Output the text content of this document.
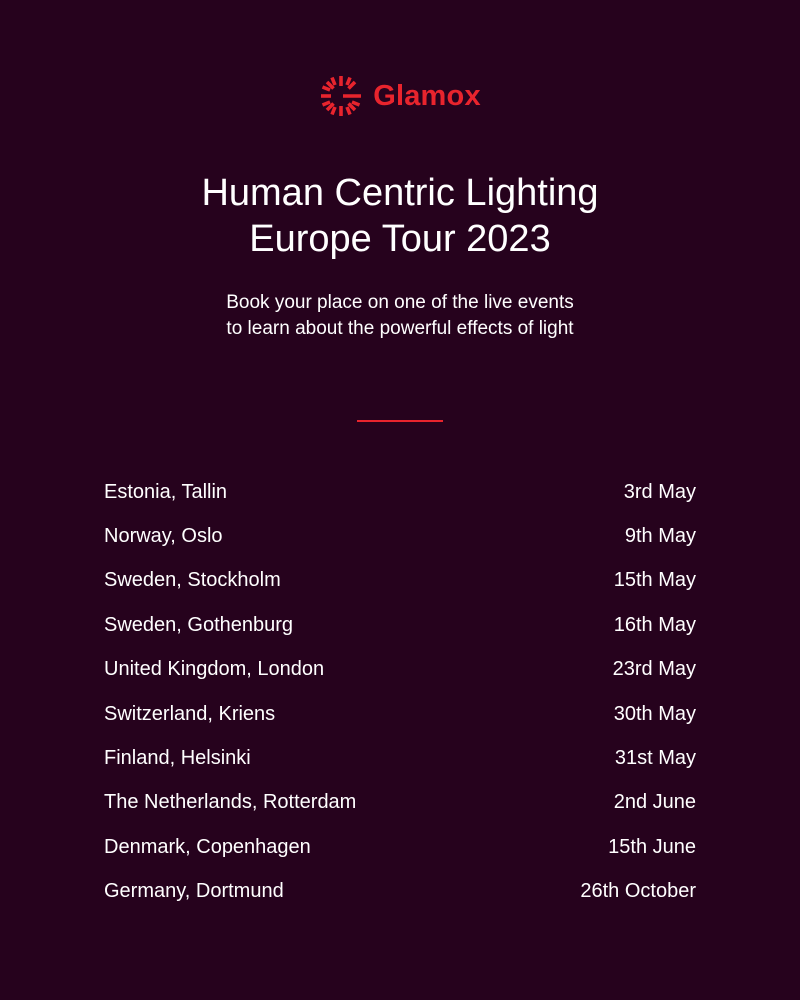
Glamox
Human Centric Lighting
Europe Tour 2023

Book your place on one of the live events
to learn about the powerful effects of light

Estonia, Tallin	3rd May
Norway, Oslo	9th May
Sweden, Stockholm	15th May
Sweden, Gothenburg	16th May
United Kingdom, London	23rd May
Switzerland, Kriens	30th May
Finland, Helsinki	31st May
The Netherlands, Rotterdam	2nd June
Denmark, Copenhagen	15th June
Germany, Dortmund	26th October
